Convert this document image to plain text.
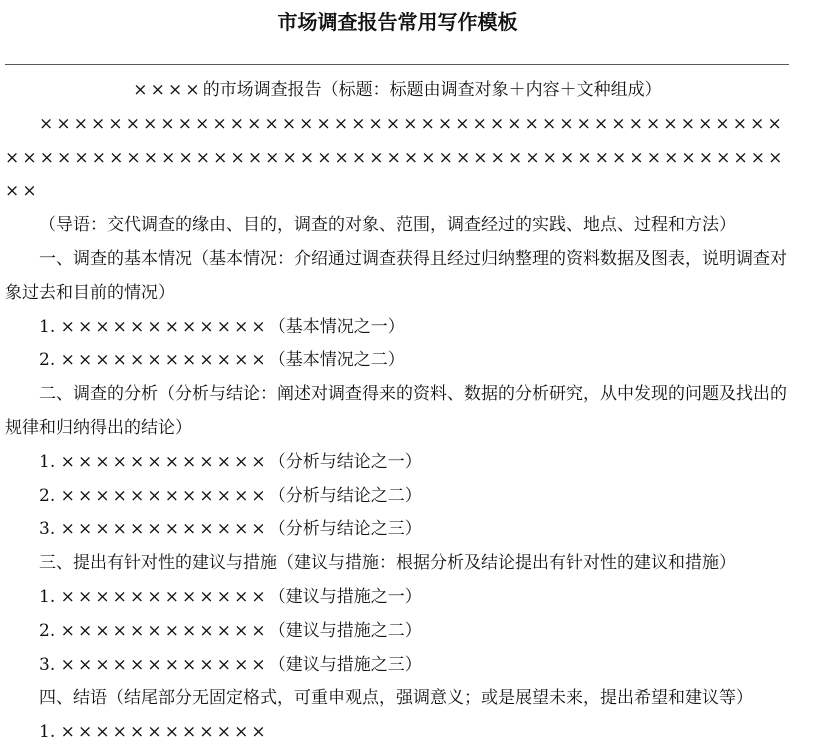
市场调查报告常用写作模板

××××的市场调查报告（标题：标题由调查对象＋内容＋文种组成）

××××××××××××××××××××××××××××××××××××××××××××××××××××××××××××××××××××××××××××××××××××××××××

（导语：交代调查的缘由、目的，调查的对象、范围，调查经过的实践、地点、过程和方法）

一、调查的基本情况（基本情况：介绍通过调查获得且经过归纳整理的资料数据及图表，说明调查对象过去和目前的情况）

1. ××××××××××××（基本情况之一）

2. ××××××××××××（基本情况之二）

二、调查的分析（分析与结论：阐述对调查得来的资料、数据的分析研究，从中发现的问题及找出的规律和归纳得出的结论）

1. ××××××××××××（分析与结论之一）

2. ××××××××××××（分析与结论之二）

3. ××××××××××××（分析与结论之三）

三、提出有针对性的建议与措施（建议与措施：根据分析及结论提出有针对性的建议和措施）

1. ××××××××××××（建议与措施之一）

2. ××××××××××××（建议与措施之二）

3. ××××××××××××（建议与措施之三）

四、结语（结尾部分无固定格式，可重申观点，强调意义；或是展望未来，提出希望和建议等）

1. ××××××××××××
